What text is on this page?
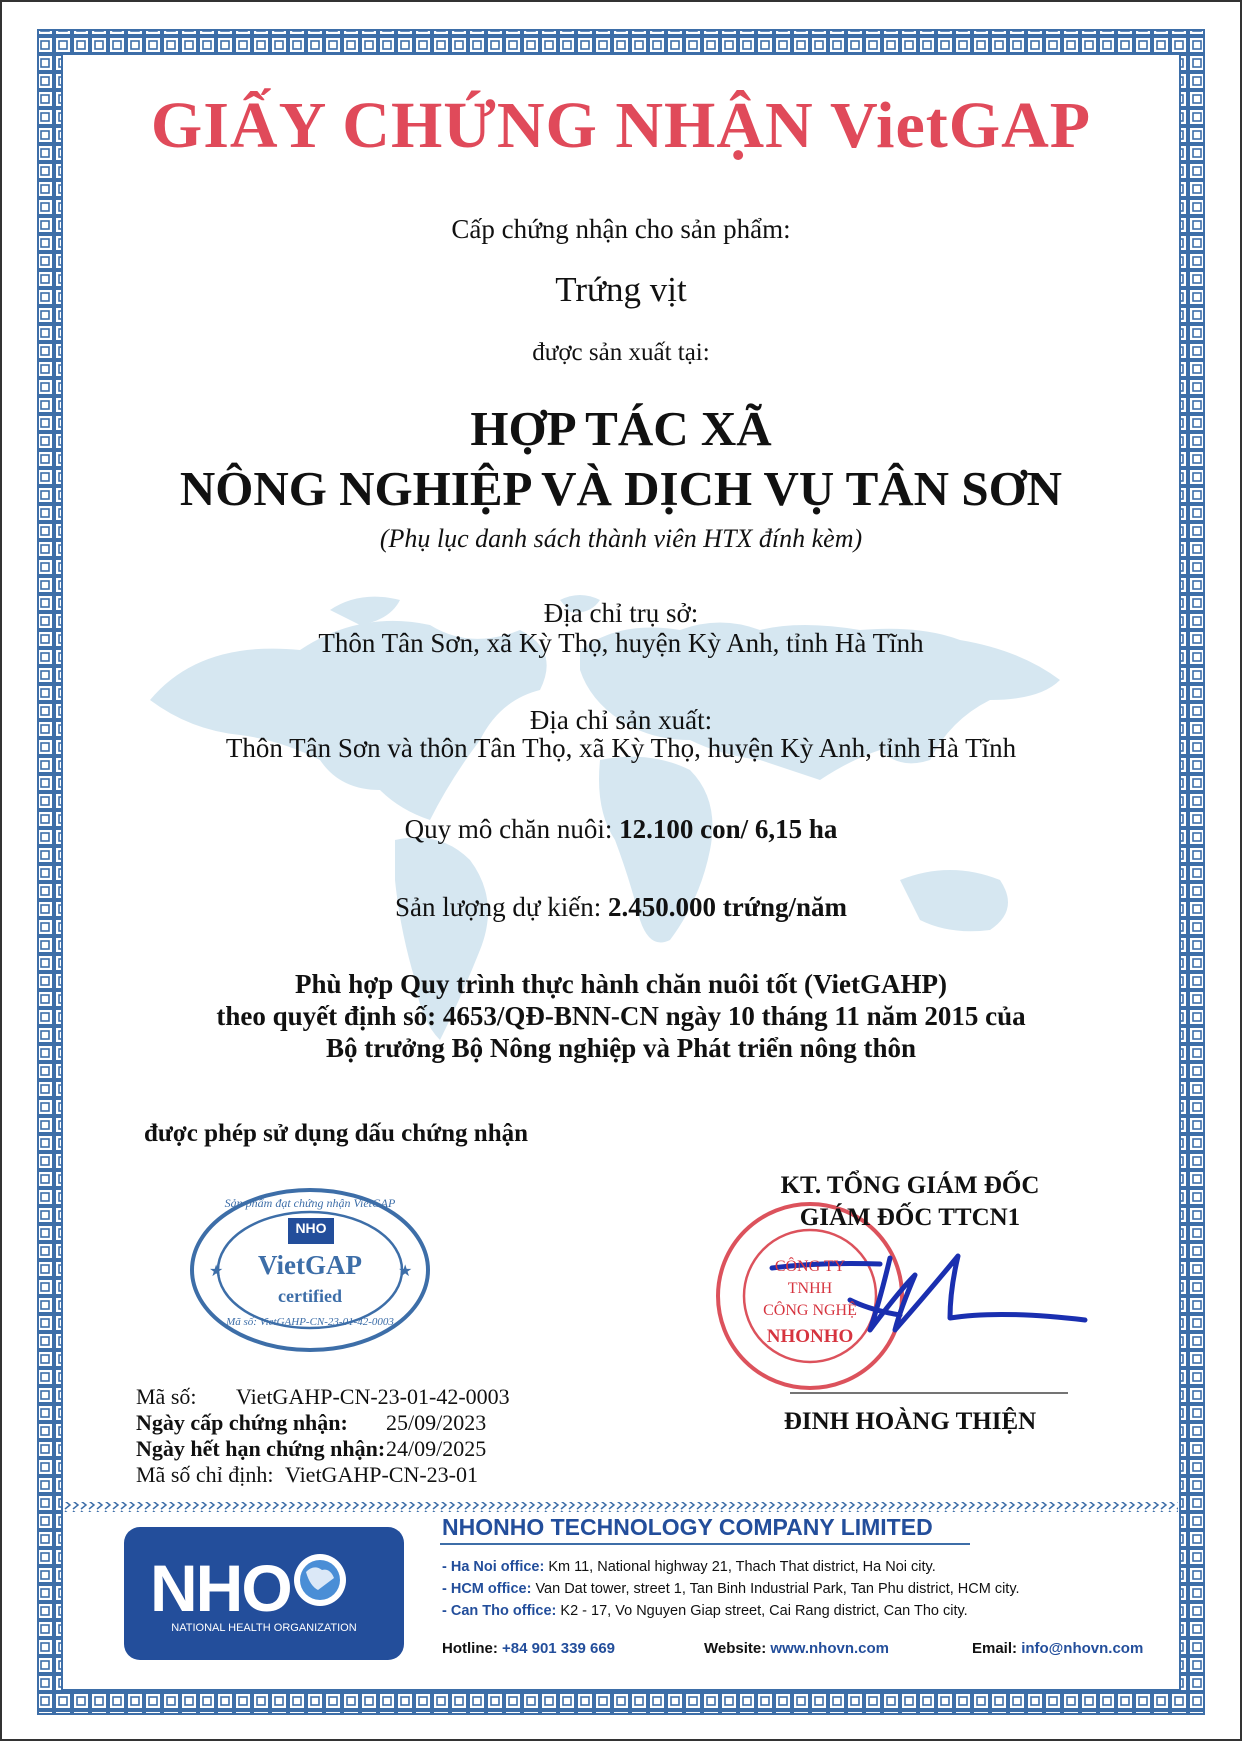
★	★
GIẤY CHỨNG NHẬN VietGAP
Cấp chứng nhận cho sản phẩm:
Trứng vịt
được sản xuất tại:
HỢP TÁC XÃ
NÔNG NGHIỆP VÀ DỊCH VỤ TÂN SƠN
(Phụ lục danh sách thành viên HTX đính kèm)
Địa chỉ trụ sở:
Thôn Tân Sơn, xã Kỳ Thọ, huyện Kỳ Anh, tỉnh Hà Tĩnh
Địa chỉ sản xuất:
Thôn Tân Sơn và thôn Tân Thọ, xã Kỳ Thọ, huyện Kỳ Anh, tỉnh Hà Tĩnh
Quy mô chăn nuôi: 12.100 con/ 6,15 ha
Sản lượng dự kiến: 2.450.000 trứng/năm
Phù hợp Quy trình thực hành chăn nuôi tốt (VietGAHP)
theo quyết định số: 4653/QĐ-BNN-CN ngày 10 tháng 11 năm 2015 của
Bộ trưởng Bộ Nông nghiệp và Phát triển nông thôn
được phép sử dụng dấu chứng nhận
Sản phẩm đạt chứng nhận VietGAP
NHO
VietGAP
certified
Mã số: VietGAHP-CN-23-01-42-0003
Mã số: VietGAHP-CN-23-01-42-0003
Ngày cấp chứng nhận: 25/09/2023
Ngày hết hạn chứng nhận:24/09/2025
Mã số chỉ định: VietGAHP-CN-23-01
KT. TỔNG GIÁM ĐỐC
GIÁM ĐỐC TTCN1
CÔNG TY
TNHH
CÔNG NGHỆ
NHONHO
ĐINH HOÀNG THIỆN
NHO
NATIONAL HEALTH ORGANIZATION
NHONHO TECHNOLOGY COMPANY LIMITED
- Ha Noi office: Km 11, National highway 21, Thach That district, Ha Noi city.
- HCM office: Van Dat tower, street 1, Tan Binh Industrial Park, Tan Phu district, HCM city.
- Can Tho office: K2 - 17, Vo Nguyen Giap street, Cai Rang district, Can Tho city.
Hotline: +84 901 339 669	Website: www.nhovn.com	Email: info@nhovn.com
